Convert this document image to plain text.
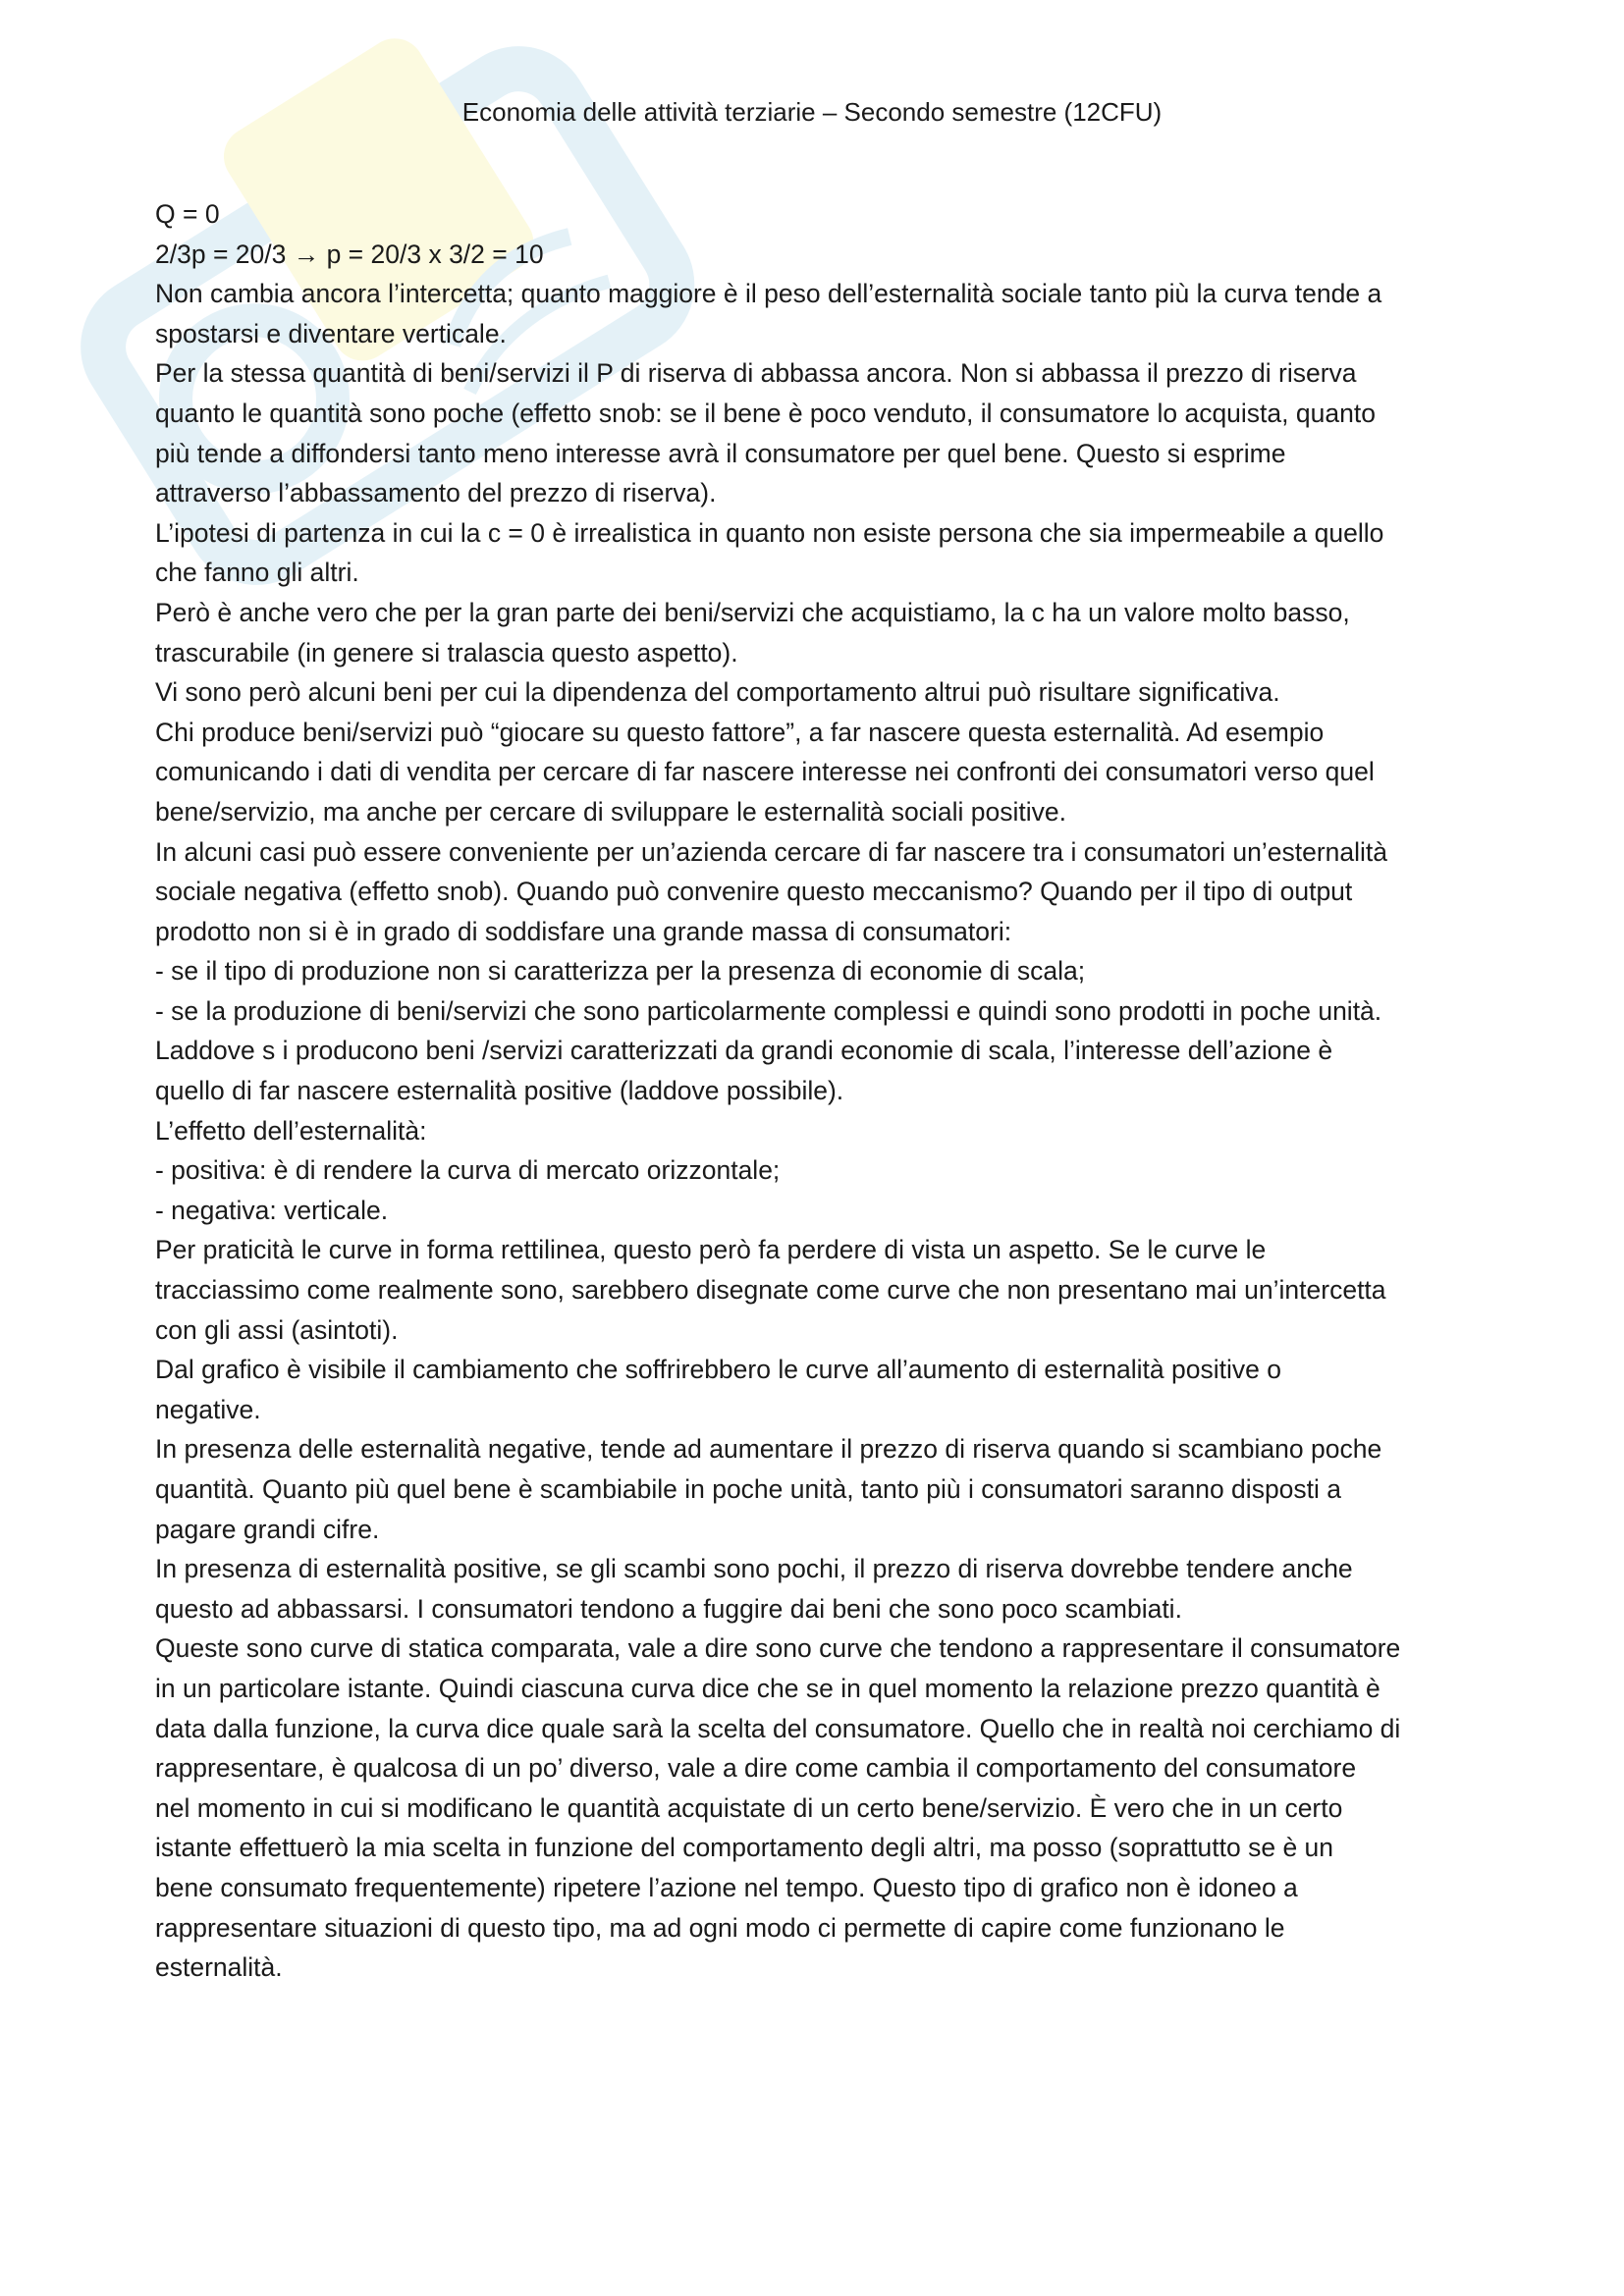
Economia delle attività terziarie – Secondo semestre (12CFU)
Q = 0
2/3p = 20/3 → p = 20/3 x 3/2 = 10
Non cambia ancora l’intercetta; quanto maggiore è il peso dell’esternalità sociale tanto più la curva tende a
spostarsi e diventare verticale.
Per la stessa quantità di beni/servizi il P di riserva di abbassa ancora. Non si abbassa il prezzo di riserva
quanto le quantità sono poche (effetto snob: se il bene è poco venduto, il consumatore lo acquista, quanto
più tende a diffondersi tanto meno interesse avrà il consumatore per quel bene. Questo si esprime
attraverso l’abbassamento del prezzo di riserva).
L’ipotesi di partenza in cui la c = 0 è irrealistica in quanto non esiste persona che sia impermeabile a quello
che fanno gli altri.
Però è anche vero che per la gran parte dei beni/servizi che acquistiamo, la c ha un valore molto basso,
trascurabile (in genere si tralascia questo aspetto).
Vi sono però alcuni beni per cui la dipendenza del comportamento altrui può risultare significativa.
Chi produce beni/servizi può “giocare su questo fattore”, a far nascere questa esternalità. Ad esempio
comunicando i dati di vendita per cercare di far nascere interesse nei confronti dei consumatori verso quel
bene/servizio, ma anche per cercare di sviluppare le esternalità sociali positive.
In alcuni casi può essere conveniente per un’azienda cercare di far nascere tra i consumatori un’esternalità
sociale negativa (effetto snob). Quando può convenire questo meccanismo? Quando per il tipo di output
prodotto non si è in grado di soddisfare una grande massa di consumatori:
- se il tipo di produzione non si caratterizza per la presenza di economie di scala;
- se la produzione di beni/servizi che sono particolarmente complessi e quindi sono prodotti in poche unità.
Laddove s i producono beni /servizi caratterizzati da grandi economie di scala, l’interesse dell’azione è
quello di far nascere esternalità positive (laddove possibile).
L’effetto dell’esternalità:
- positiva: è di rendere la curva di mercato orizzontale;
- negativa: verticale.
Per praticità le curve in forma rettilinea, questo però fa perdere di vista un aspetto. Se le curve le
tracciassimo come realmente sono, sarebbero disegnate come curve che non presentano mai un’intercetta
con gli assi (asintoti).
Dal grafico è visibile il cambiamento che soffrirebbero le curve all’aumento di esternalità positive o
negative.
In presenza delle esternalità negative, tende ad aumentare il prezzo di riserva quando si scambiano poche
quantità. Quanto più quel bene è scambiabile in poche unità, tanto più i consumatori saranno disposti a
pagare grandi cifre.
In presenza di esternalità positive, se gli scambi sono pochi, il prezzo di riserva dovrebbe tendere anche
questo ad abbassarsi. I consumatori tendono a fuggire dai beni che sono poco scambiati.
Queste sono curve di statica comparata, vale a dire sono curve che tendono a rappresentare il consumatore
in un particolare istante. Quindi ciascuna curva dice che se in quel momento la relazione prezzo quantità è
data dalla funzione, la curva dice quale sarà la scelta del consumatore. Quello che in realtà noi cerchiamo di
rappresentare, è qualcosa di un po’ diverso, vale a dire come cambia il comportamento del consumatore
nel momento in cui si modificano le quantità acquistate di un certo bene/servizio. È vero che in un certo
istante effettuerò la mia scelta in funzione del comportamento degli altri, ma posso (soprattutto se è un
bene consumato frequentemente) ripetere l’azione nel tempo. Questo tipo di grafico non è idoneo a
rappresentare situazioni di questo tipo, ma ad ogni modo ci permette di capire come funzionano le
esternalità.
